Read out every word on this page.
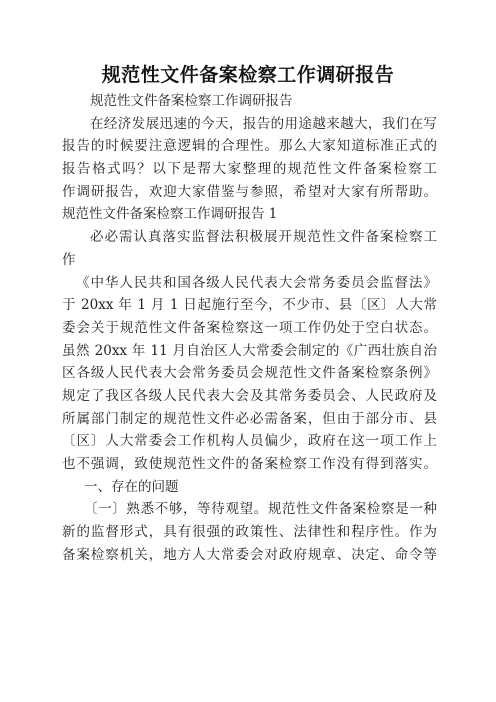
规范性文件备案检察工作调研报告
规范性文件备案检察工作调研报告
在经济发展迅速的今天，报告的用途越来越大，我们在写
报告的时候要注意逻辑的合理性。那么大家知道标准正式的
报告格式吗？以下是帮大家整理的规范性文件备案检察工
作调研报告，欢迎大家借鉴与参照，希望对大家有所帮助。
规范性文件备案检察工作调研报告 1
必必需认真落实监督法积极展开规范性文件备案检察工
作
《中华人民共和国各级人民代表大会常务委员会监督法》
于 20xx 年 1 月 1 日起施行至今，不少市、县〔区〕人大常
委会关于规范性文件备案检察这一项工作仍处于空白状态。
虽然 20xx 年 11 月自治区人大常委会制定的《广西壮族自治
区各级人民代表大会常务委员会规范性文件备案检察条例》
规定了我区各级人民代表大会及其常务委员会、人民政府及
所属部门制定的规范性文件必必需备案，但由于部分市、县
〔区〕人大常委会工作机构人员偏少，政府在这一项工作上
也不强调，致使规范性文件的备案检察工作没有得到落实。
一、存在的问题
〔一〕熟悉不够，等待观望。规范性文件备案检察是一种
新的监督形式，具有很强的政策性、法律性和程序性。作为
备案检察机关，地方人大常委会对政府规章、决定、命令等
